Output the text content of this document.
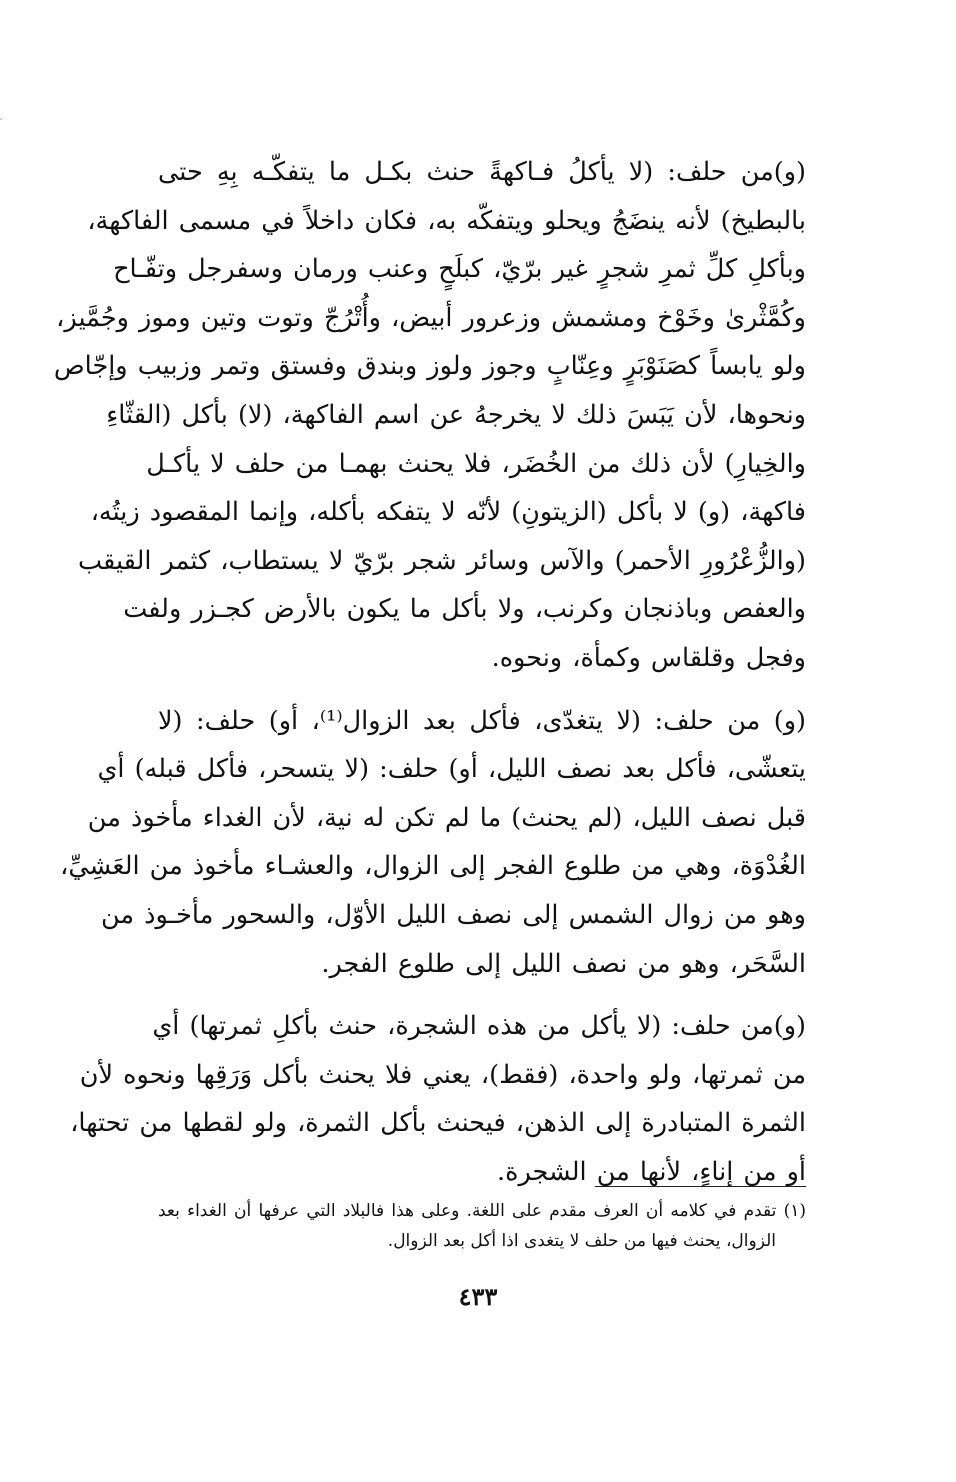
(و)من حلف: (لا يأكلُ فـاكهةً حنث بكـل ما يتفكّـه بِهِ حتى
بالبطيخ) لأنه ينضَجُ ويحلو ويتفكّه به، فكان داخلاً في مسمى الفاكهة،
وبأكلِ كلِّ ثمرِ شجرٍ غير برّيّ، كبلَحٍ وعنب ورمان وسفرجل وتفّـاح
وكُمَّثْرىٰ وخَوْخ ومشمش وزعرور أبيض، وأُتْرُجّ وتوت وتين وموز وجُمَّيز،
ولو يابساً كصَنَوْبَرٍ وعِنّابٍ وجوز ولوز وبندق وفستق وتمر وزبيب وإجّاص
ونحوها، لأن يَبَسَ ذلك لا يخرجهُ عن اسم الفاكهة، (لا) بأكل (القثّاءِ
والخِيارِ) لأن ذلك من الخُضَر، فلا يحنث بهمـا من حلف لا يأكـل
فاكهة، (و) لا بأكل (الزيتونِ) لأنّه لا يتفكه بأكله، وإنما المقصود زيتُه،
(والزُّعْرُورِ الأحمر) والآس وسائر شجر برّيّ لا يستطاب، كثمر القيقب
والعفص وباذنجان وكرنب، ولا بأكل ما يكون بالأرض كجـزر ولفت
وفجل وقلقاس وكمأة، ونحوه.

(و) من حلف: (لا يتغدّى، فأكل بعد الزوال⁽¹⁾، أو) حلف: (لا
يتعشّى، فأكل بعد نصف الليل، أو) حلف: (لا يتسحر، فأكل قبله) أي
قبل نصف الليل، (لم يحنث) ما لم تكن له نية، لأن الغداء مأخوذ من
الغُدْوَة، وهي من طلوع الفجر إلى الزوال، والعشـاء مأخوذ من العَشِيِّ،
وهو من زوال الشمس إلى نصف الليل الأوّل، والسحور مأخـوذ من
السَّحَر، وهو من نصف الليل إلى طلوع الفجر.

(و)من حلف: (لا يأكل من هذه الشجرة، حنث بأكلِ ثمرتها) أي
من ثمرتها، ولو واحدة، (فقط)، يعني فلا يحنث بأكل وَرَقِها ونحوه لأن
الثمرة المتبادرة إلى الذهن، فيحنث بأكل الثمرة، ولو لقطها من تحتها،
أو من إناءٍ، لأنها من الشجرة.

(١) تقدم في كلامه أن العرف مقدم على اللغة. وعلى هذا فالبلاد التي عرفها أن الغداء بعد
الزوال، يحنث فيها من حلف لا يتغدى اذا أكل بعد الزوال.
٤٣٣
